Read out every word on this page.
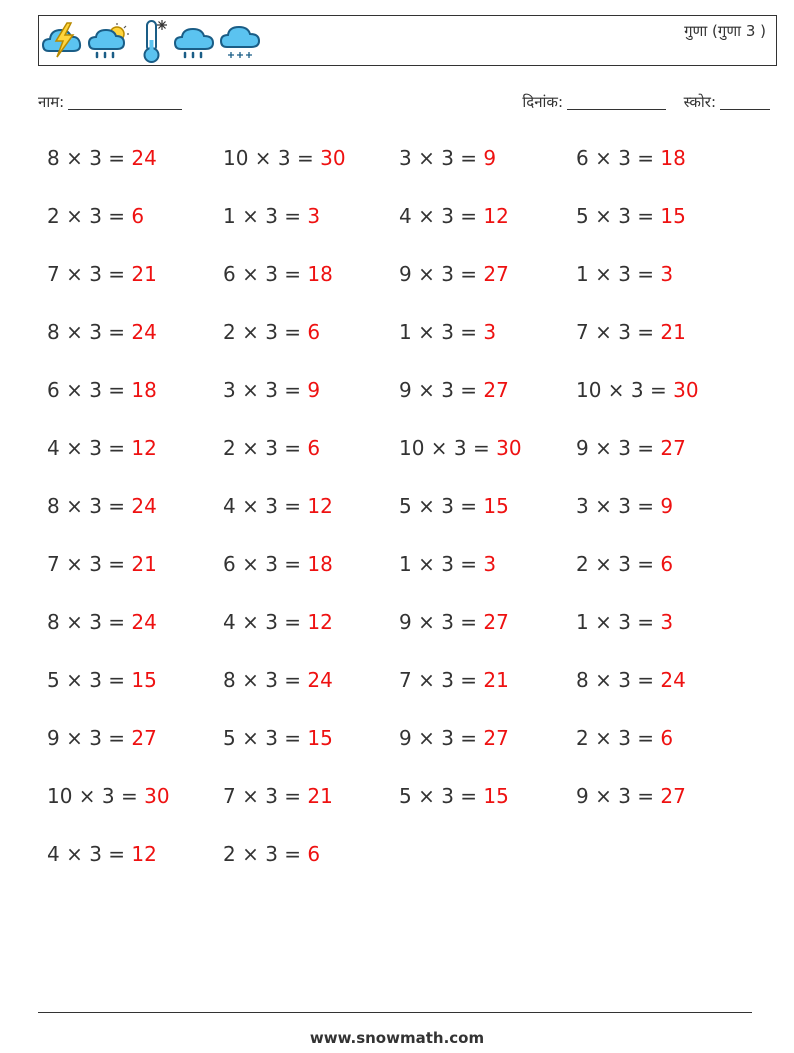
गुणा (गुणा 3 )
नाम:	दिनांक:	स्कोर:
8 × 3 = 24	10 × 3 = 30	3 × 3 = 9	6 × 3 = 18
2 × 3 = 6	1 × 3 = 3	4 × 3 = 12	5 × 3 = 15
7 × 3 = 21	6 × 3 = 18	9 × 3 = 27	1 × 3 = 3
8 × 3 = 24	2 × 3 = 6	1 × 3 = 3	7 × 3 = 21
6 × 3 = 18	3 × 3 = 9	9 × 3 = 27	10 × 3 = 30
4 × 3 = 12	2 × 3 = 6	10 × 3 = 30	9 × 3 = 27
8 × 3 = 24	4 × 3 = 12	5 × 3 = 15	3 × 3 = 9
7 × 3 = 21	6 × 3 = 18	1 × 3 = 3	2 × 3 = 6
8 × 3 = 24	4 × 3 = 12	9 × 3 = 27	1 × 3 = 3
5 × 3 = 15	8 × 3 = 24	7 × 3 = 21	8 × 3 = 24
9 × 3 = 27	5 × 3 = 15	9 × 3 = 27	2 × 3 = 6
10 × 3 = 30	7 × 3 = 21	5 × 3 = 15	9 × 3 = 27
4 × 3 = 12	2 × 3 = 6
www.snowmath.com
